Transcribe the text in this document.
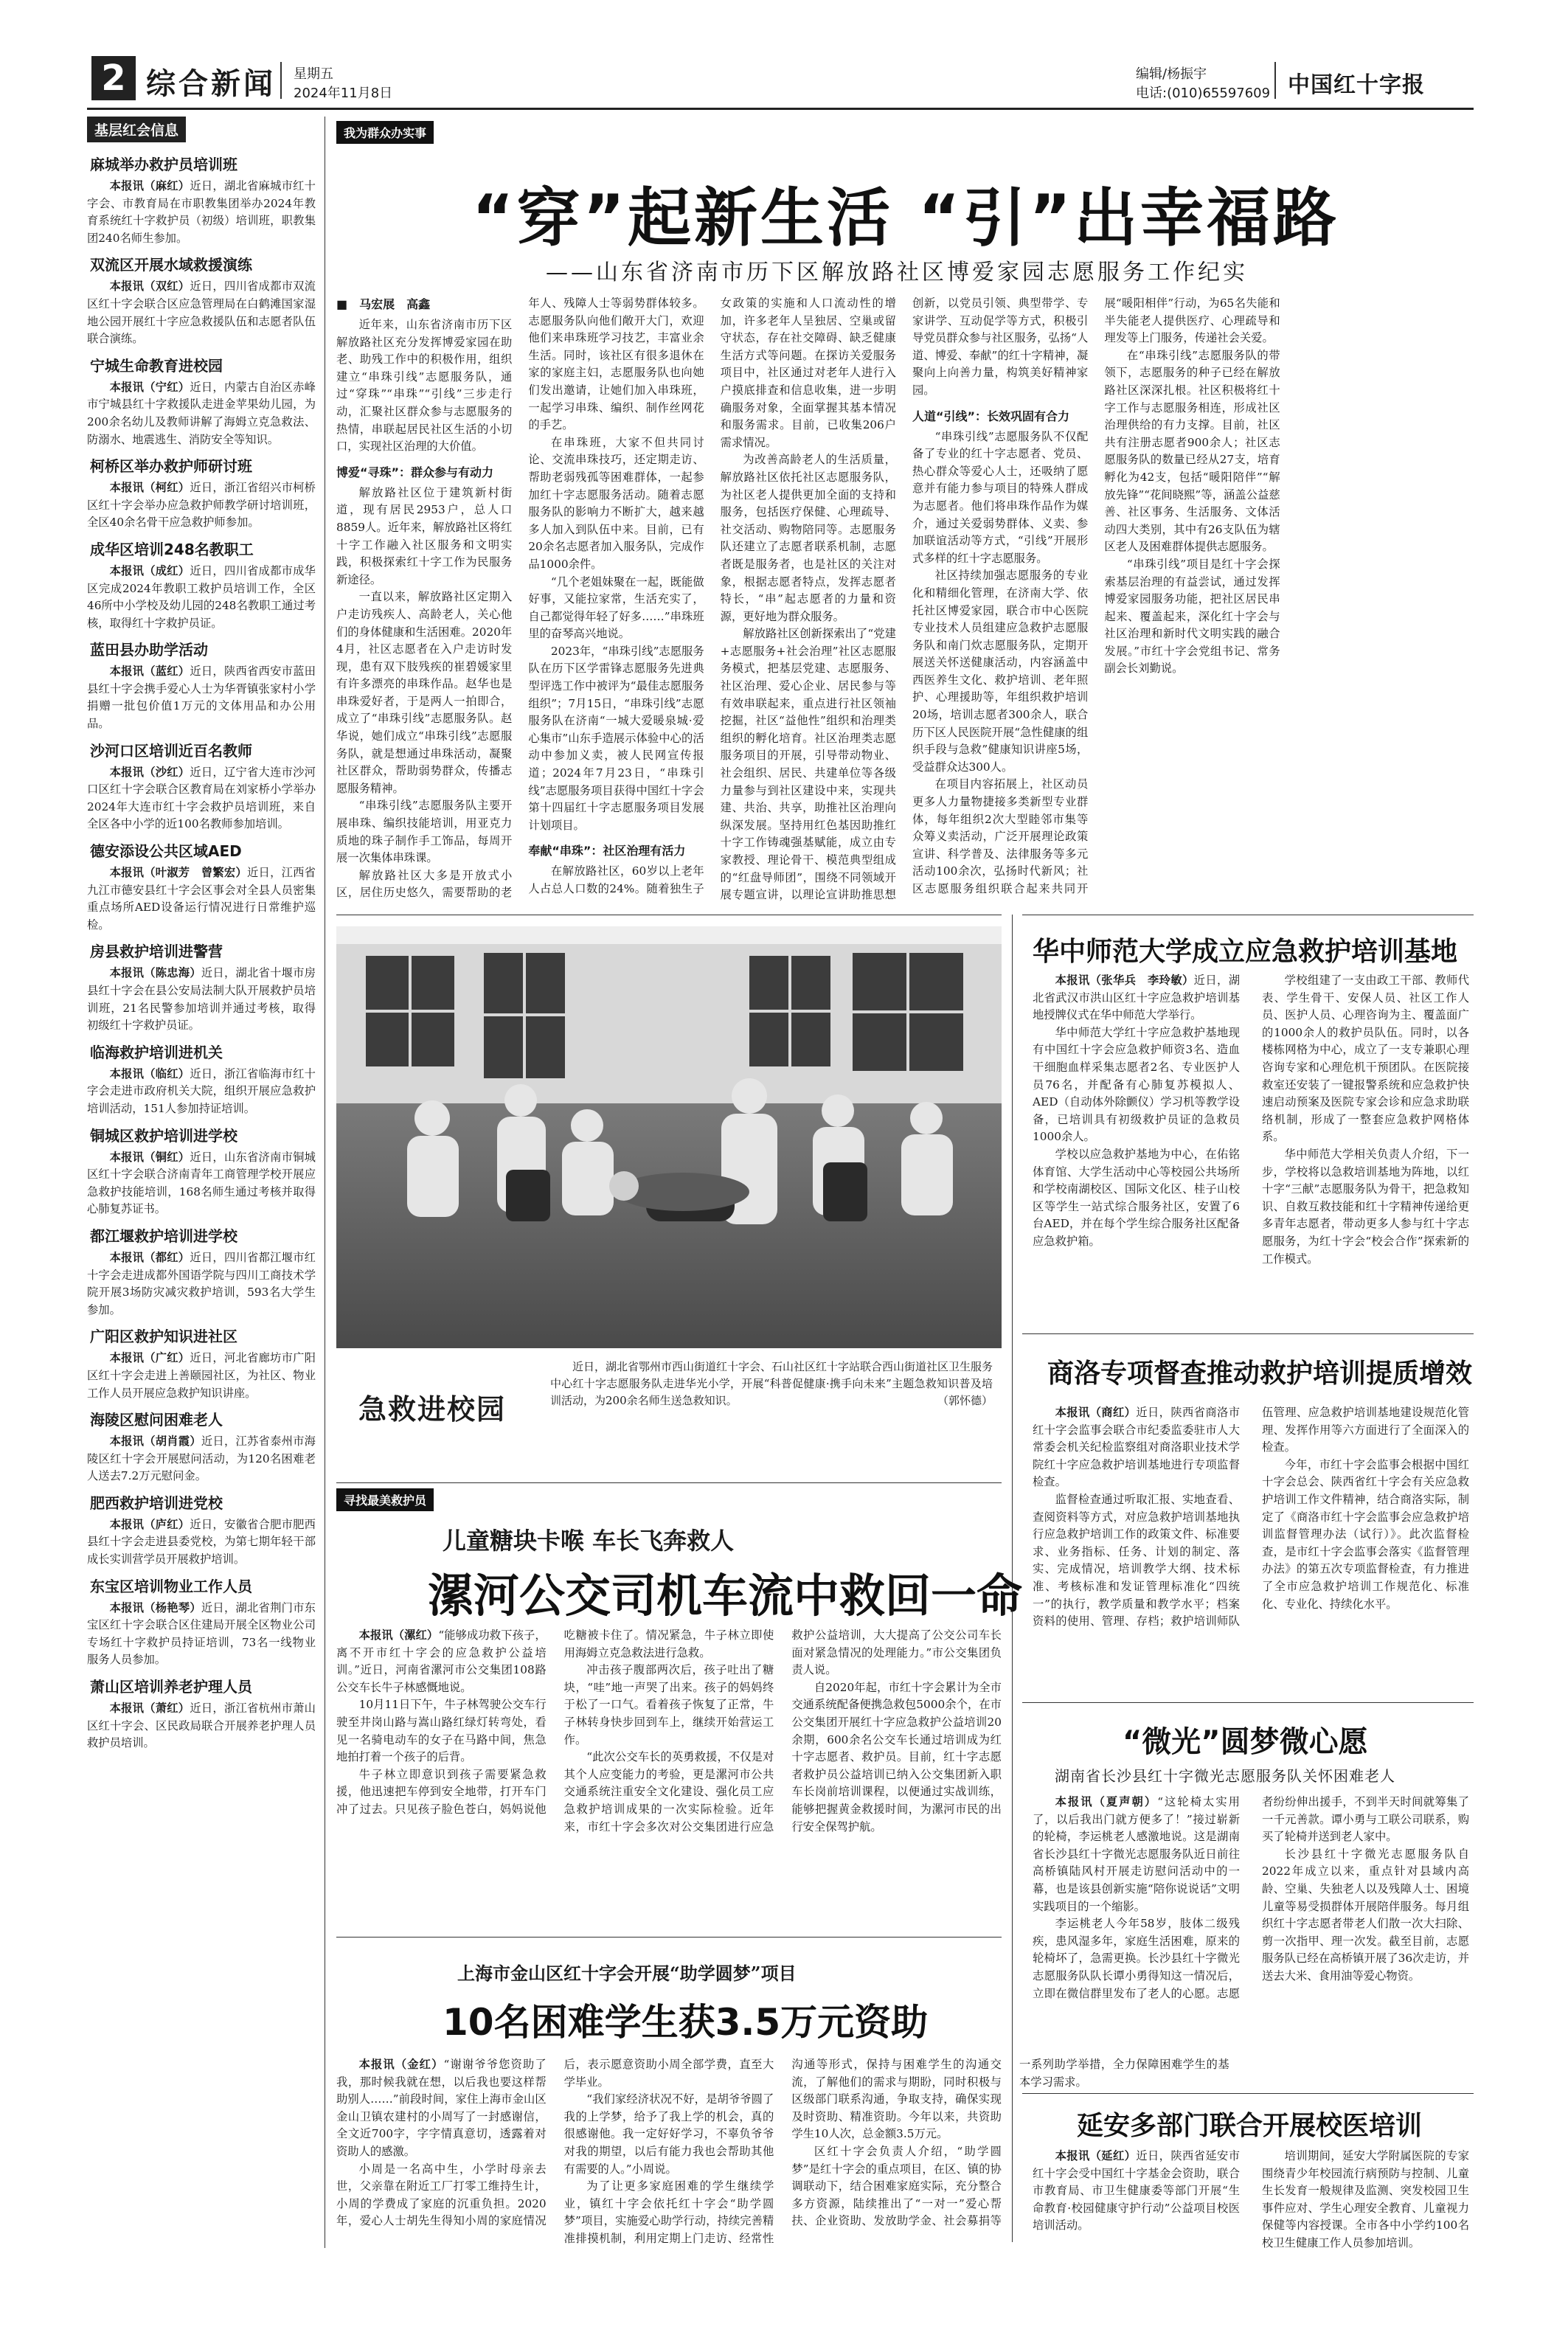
2 综合新闻 星期五
2024年11月8日
编辑/杨振宇
电话:(010)65597609 中国红十字报
基层红会信息
麻城举办救护员培训班

本报讯（麻红）近日，湖北省麻城市红十字会、市教育局在市职教集团举办2024年教育系统红十字救护员（初级）培训班，职教集团240名师生参加。

双流区开展水域救援演练

本报讯（双红）近日，四川省成都市双流区红十字会联合区应急管理局在白鹤滩国家湿地公园开展红十字应急救援队伍和志愿者队伍联合演练。

宁城生命教育进校园

本报讯（宁红）近日，内蒙古自治区赤峰市宁城县红十字救援队走进金苹果幼儿园，为200余名幼儿及教师讲解了海姆立克急救法、防溺水、地震逃生、消防安全等知识。

柯桥区举办救护师研讨班

本报讯（柯红）近日，浙江省绍兴市柯桥区红十字会举办应急救护师教学研讨培训班，全区40余名骨干应急救护师参加。

成华区培训248名教职工

本报讯（成红）近日，四川省成都市成华区完成2024年教职工救护员培训工作，全区46所中小学校及幼儿园的248名教职工通过考核，取得红十字救护员证。

蓝田县办助学活动

本报讯（蓝红）近日，陕西省西安市蓝田县红十字会携手爱心人士为华胥镇张家村小学捐赠一批包价值1万元的文体用品和办公用品。

沙河口区培训近百名教师

本报讯（沙红）近日，辽宁省大连市沙河口区红十字会联合区教育局在刘家桥小学举办2024年大连市红十字会救护员培训班，来自全区各中小学的近100名教师参加培训。

德安添设公共区域AED

本报讯（叶淑芳　曾繁宏）近日，江西省九江市德安县红十字会区事会对全县人员密集重点场所AED设备运行情况进行日常维护巡检。

房县救护培训进警营

本报讯（陈忠海）近日，湖北省十堰市房县红十字会在县公安局法制大队开展救护员培训班，21名民警参加培训并通过考核，取得初级红十字救护员证。

临海救护培训进机关

本报讯（临红）近日，浙江省临海市红十字会走进市政府机关大院，组织开展应急救护培训活动，151人参加持证培训。

铜城区救护培训进学校

本报讯（铜红）近日，山东省济南市铜城区红十字会联合济南青年工商管理学校开展应急救护技能培训，168名师生通过考核并取得心肺复苏证书。

都江堰救护培训进学校

本报讯（都红）近日，四川省都江堰市红十字会走进成都外国语学院与四川工商技术学院开展3场防灾减灾救护培训，593名大学生参加。

广阳区救护知识进社区

本报讯（广红）近日，河北省廊坊市广阳区红十字会走进上善颐园社区，为社区、物业工作人员开展应急救护知识讲座。

海陵区慰问困难老人

本报讯（胡肖霞）近日，江苏省泰州市海陵区红十字会开展慰问活动，为120名困难老人送去7.2万元慰问金。

肥西救护培训进党校

本报讯（庐红）近日，安徽省合肥市肥西县红十字会走进县委党校，为第七期年轻干部成长实训营学员开展救护培训。

东宝区培训物业工作人员

本报讯（杨艳琴）近日，湖北省荆门市东宝区红十字会联合区住建局开展全区物业公司专场红十字救护员持证培训，73名一线物业服务人员参加。

萧山区培训养老护理人员

本报讯（萧红）近日，浙江省杭州市萧山区红十字会、区民政局联合开展养老护理人员救护员培训。

我为群众办实事
“穿”起新生活 “引”出幸福路
——山东省济南市历下区解放路社区博爱家园志愿服务工作纪实
■　马宏展　高鑫

近年来，山东省济南市历下区解放路社区充分发挥博爱家园在助老、助残工作中的积极作用，组织建立“串珠引线”志愿服务队，通过“穿珠”“串珠”“引线”三步走行动，汇聚社区群众参与志愿服务的热情，串联起居民社区生活的小切口，实现社区治理的大价值。

博爱“寻珠”：群众参与有动力

解放路社区位于建筑新村街道，现有居民2953户，总人口8859人。近年来，解放路社区将红十字工作融入社区服务和文明实践，积极探索红十字工作为民服务新途径。

一直以来，解放路社区定期入户走访残疾人、高龄老人，关心他们的身体健康和生活困难。2020年4月，社区志愿者在入户走访时发现，患有双下肢残疾的崔碧媛家里有许多漂亮的串珠作品。赵华也是串珠爱好者，于是两人一拍即合，成立了“串珠引线”志愿服务队。赵华说，她们成立“串珠引线”志愿服务队，就是想通过串珠活动，凝聚社区群众，帮助弱势群众，传播志愿服务精神。

“串珠引线”志愿服务队主要开展串珠、编织技能培训，用亚克力质地的珠子制作手工饰品，每周开展一次集体串珠课。

解放路社区大多是开放式小区，居住历史悠久，需要帮助的老年人、残障人士等弱势群体较多。志愿服务队向他们敞开大门，欢迎他们来串珠班学习技艺，丰富业余生活。同时，该社区有很多退休在家的家庭主妇，志愿服务队也向她们发出邀请，让她们加入串珠班，一起学习串珠、编织、制作丝网花的手艺。

在串珠班，大家不但共同讨论、交流串珠技巧，还定期走访、帮助老弱残孤等困难群体，一起参加红十字志愿服务活动。随着志愿服务队的影响力不断扩大，越来越多人加入到队伍中来。目前，已有20余名志愿者加入服务队，完成作品1000余件。

“几个老姐妹聚在一起，既能做好事，又能拉家常，生活充实了，自己都觉得年轻了好多……”串珠班里的奋琴高兴地说。

2023年，“串珠引线”志愿服务队在历下区学雷锋志愿服务先进典型评选工作中被评为“最佳志愿服务组织”；7月15日，“串珠引线”志愿服务队在济南“一城大爱暖泉城·爱心集市”山东手造展示体验中心的活动中参加义卖，被人民网宣传报道；2024年7月23日，“串珠引线”志愿服务项目获得中国红十字会第十四届红十字志愿服务项目发展计划项目。

奉献“串珠”：社区治理有活力

在解放路社区，60岁以上老年人占总人口数的24%。随着独生子女政策的实施和人口流动性的增加，许多老年人呈独居、空巢或留守状态，存在社交障碍、缺乏健康生活方式等问题。在探访关爱服务项目中，社区通过对老年人进行入户摸底排查和信息收集，进一步明确服务对象，全面掌握其基本情况和服务需求。目前，已收集206户需求情况。

为改善高龄老人的生活质量，解放路社区依托社区志愿服务队，为社区老人提供更加全面的支持和服务，包括医疗保健、心理疏导、社交活动、购物陪同等。志愿服务队还建立了志愿者联系机制，志愿者既是服务者，也是社区的关注对象，根据志愿者特点，发挥志愿者特长，“串”起志愿者的力量和资源，更好地为群众服务。

解放路社区创新探索出了“党建+志愿服务+社会治理”社区志愿服务模式，把基层党建、志愿服务、社区治理、爱心企业、居民参与等有效串联起来，重点进行社区领袖挖掘，社区“益他性”组织和治理类组织的孵化培育。社区治理类志愿服务项目的开展，引导带动物业、社会组织、居民、共建单位等各级力量参与到社区建设中来，实现共建、共治、共享，助推社区治理向纵深发展。坚持用红色基因助推红十字工作铸魂强基赋能，成立由专家教授、理论骨干、模范典型组成的“红盘导师团”，围绕不同领域开展专题宣讲，以理论宣讲助推思想创新，以党员引领、典型带学、专家讲学、互动促学等方式，积极引导党员群众参与社区服务，弘扬“人道、博爱、奉献”的红十字精神，凝聚向上向善力量，构筑美好精神家园。

人道“引线”：长效巩固有合力

“串珠引线”志愿服务队不仅配备了专业的红十字志愿者、党员、热心群众等爱心人士，还吸纳了愿意并有能力参与项目的特殊人群成为志愿者。他们将串珠作品作为媒介，通过关爱弱势群体、义卖、参加联谊活动等方式，“引线”开展形式多样的红十字志愿服务。

社区持续加强志愿服务的专业化和精细化管理，在济南大学、依托社区博爱家园，联合市中心医院专业技术人员组建应急救护志愿服务队和南门炊志愿服务队，定期开展送关怀送健康活动，内容涵盖中西医养生文化、救护培训、老年照护、心理援助等，年组织救护培训20场，培训志愿者300余人，联合历下区人民医院开展“急性健康的组织手段与急救”健康知识讲座5场，受益群众达300人。

在项目内容拓展上，社区动员更多人力量物捷接多类新型专业群体，每年组织2次大型睦邻市集等众筹义卖活动，广泛开展理论政策宣讲、科学普及、法律服务等多元活动100余次，弘扬时代新风；社区志愿服务组织联合起来共同开展“暖阳相伴”行动，为65名失能和半失能老人提供医疗、心理疏导和理发等上门服务，传递社会关爱。

在“串珠引线”志愿服务队的带领下，志愿服务的种子已经在解放路社区深深扎根。社区积极将红十字工作与志愿服务相连，形成社区治理供给的有力支撑。目前，社区共有注册志愿者900余人；社区志愿服务队的数量已经从27支，培育孵化为42支，包括“暖阳陪伴”“解放先锋”“花间晓熙”等，涵盖公益慈善、社区事务、生活服务、文体活动四大类别，其中有26支队伍为辖区老人及困难群体提供志愿服务。

“串珠引线”项目是红十字会探索基层治理的有益尝试，通过发挥博爱家园服务功能，把社区居民串起来、覆盖起来，深化红十字会与社区治理和新时代文明实践的融合发展。”市红十字会党组书记、常务副会长刘勤说。

急救进校园
近日，湖北省鄂州市西山街道红十字会、石山社区红十字站联合西山街道社区卫生服务中心红十字志愿服务队走进华光小学，开展“科普促健康·携手向未来”主题急救知识普及培训活动，为200余名师生送急救知识。	（郭怀德）
华中师范大学成立应急救护培训基地

本报讯（张华兵　李玲敏）近日，湖北省武汉市洪山区红十字应急救护培训基地授牌仪式在华中师范大学举行。

华中师范大学红十字应急救护基地现有中国红十字会应急救护师资3名、造血干细胞血样采集志愿者2名、专业医护人员76名，并配备有心肺复苏模拟人、AED（自动体外除颤仪）学习机等教学设备，已培训具有初级救护员证的急救员1000余人。

学校以应急救护基地为中心，在佑铭体育馆、大学生活动中心等校园公共场所和学校南湖校区、国际文化区、桂子山校区等学生一站式综合服务社区，安置了6台AED，并在每个学生综合服务社区配备应急救护箱。

学校组建了一支由政工干部、教师代表、学生骨干、安保人员、社区工作人员、医护人员、心理咨询为主、覆盖面广的1000余人的救护员队伍。同时，以各楼栋网格为中心，成立了一支专兼职心理咨询专家和心理危机干预团队。在医院接救室还安装了一键报警系统和应急救护快速启动预案及医院专家会诊和应急求助联络机制，形成了一整套应急救护网格体系。

华中师范大学相关负责人介绍，下一步，学校将以急救培训基地为阵地，以红十字“三献”志愿服务队为骨干，把急救知识、自救互救技能和红十字精神传递给更多青年志愿者，带动更多人参与红十字志愿服务，为红十字会“校会合作”探索新的工作模式。

商洛专项督查推动救护培训提质增效

本报讯（商红）近日，陕西省商洛市红十字会监事会联合市纪委监委驻市人大常委会机关纪检监察组对商洛职业技术学院红十字应急救护培训基地进行专项监督检查。

监督检查通过听取汇报、实地查看、查阅资料等方式，对应急救护培训基地执行应急救护培训工作的政策文件、标准要求、业务指标、任务、计划的制定、落实、完成情况，培训教学大纲、技术标准、考核标准和发证管理标准化“四统一”的执行，教学质量和教学水平；档案资料的使用、管理、存档；救护培训师队伍管理、应急救护培训基地建设规范化管理、发挥作用等六方面进行了全面深入的检查。

今年，市红十字会监事会根据中国红十字会总会、陕西省红十字会有关应急救护培训工作文件精神，结合商洛实际，制定了《商洛市红十字会监事会应急救护培训监督管理办法（试行）》。此次监督检查，是市红十字会监事会落实《监督管理办法》的第五次专项监督检查，有力推进了全市应急救护培训工作规范化、标准化、专业化、持续化水平。

寻找最美救护员
儿童糖块卡喉 车长飞奔救人
漯河公交司机车流中救回一命

本报讯（漯红）“能够成功救下孩子，离不开市红十字会的应急救护公益培训。”近日，河南省漯河市公交集团108路公交车长牛子林感慨地说。

10月11日下午，牛子林驾驶公交车行驶至井岗山路与嵩山路红绿灯转弯处，看见一名骑电动车的女子在马路中间，焦急地拍打着一个孩子的后背。

牛子林立即意识到孩子需要紧急救援，他迅速把车停到安全地带，打开车门冲了过去。只见孩子脸色苍白，妈妈说他吃糖被卡住了。情况紧急，牛子林立即使用海姆立克急救法进行急救。

冲击孩子腹部两次后，孩子吐出了糖块，“哇”地一声哭了出来。孩子的妈妈终于松了一口气。看着孩子恢复了正常，牛子林转身快步回到车上，继续开始营运工作。

“此次公交车长的英勇救援，不仅是对其个人应变能力的考验，更是漯河市公共交通系统注重安全文化建设、强化员工应急救护培训成果的一次实际检验。近年来，市红十字会多次对公交集团进行应急救护公益培训，大大提高了公交公司车长面对紧急情况的处理能力。”市公交集团负责人说。

自2020年起，市红十字会累计为全市交通系统配备便携急救包5000余个，在市公交集团开展红十字应急救护公益培训20余期，600余名公交车长通过培训成为红十字志愿者、救护员。目前，红十字志愿者救护员公益培训已纳入公交集团新入职车长岗前培训课程，以便通过实战训练，能够把握黄金救援时间，为漯河市民的出行安全保驾护航。

上海市金山区红十字会开展“助学圆梦”项目
10名困难学生获3.5万元资助

本报讯（金红）“谢谢爷爷您资助了我，那时候我就在想，以后我也要这样帮助别人……”前段时间，家住上海市金山区金山卫镇农建村的小周写了一封感谢信，全文近700字，字字情真意切，透露着对资助人的感激。

小周是一名高中生，小学时母亲去世，父亲靠在附近工厂打零工维持生计，小周的学费成了家庭的沉重负担。2020年，爱心人士胡先生得知小周的家庭情况后，表示愿意资助小周全部学费，直至大学毕业。

“我们家经济状况不好，是胡爷爷圆了我的上学梦，给予了我上学的机会，真的很感谢他。我一定好好学习，不辜负爷爷对我的期望，以后有能力我也会帮助其他有需要的人。”小周说。

为了让更多家庭困难的学生继续学业，镇红十字会依托红十字会“助学圆梦”项目，实施爱心助学行动，持续完善精准排摸机制，利用定期上门走访、经常性沟通等形式，保持与困难学生的沟通交流，了解他们的需求与期盼，同时积极与区级部门联系沟通，争取支持，确保实现及时资助、精准资助。今年以来，共资助学生10人次，总金额3.5万元。

区红十字会负责人介绍，“助学圆梦”是红十字会的重点项目，在区、镇的协调联动下，结合困难家庭实际，充分整合多方资源，陆续推出了“一对一”爱心帮扶、企业资助、发放助学金、社会募捐等一系列助学举措，全力保障困难学生的基本学习需求。

“微光”圆梦微心愿
湖南省长沙县红十字微光志愿服务队关怀困难老人

本报讯（夏声朝）“这轮椅太实用了，以后我出门就方便多了！”接过崭新的轮椅，李运桃老人感激地说。这是湖南省长沙县红十字微光志愿服务队近日前往高桥镇陆风村开展走访慰问活动中的一幕，也是该县创新实施“陪你说说话”文明实践项目的一个缩影。

李运桃老人今年58岁，肢体二级残疾，患风湿多年，家庭生活困难，原来的轮椅坏了，急需更换。长沙县红十字微光志愿服务队队长谭小勇得知这一情况后，立即在微信群里发布了老人的心愿。志愿者纷纷伸出援手，不到半天时间就筹集了一千元善款。谭小勇与工联公司联系，购买了轮椅并送到老人家中。

长沙县红十字微光志愿服务队自2022年成立以来，重点针对县域内高龄、空巢、失独老人以及残障人士、困境儿童等易受损群体开展陪伴服务。每月组织红十字志愿者带老人们散一次大扫除、剪一次指甲、理一次发。截至目前，志愿服务队已经在高桥镇开展了36次走访，并送去大米、食用油等爱心物资。

延安多部门联合开展校医培训

本报讯（延红）近日，陕西省延安市红十字会受中国红十字基金会资助，联合市教育局、市卫生健康委等部门开展“生命教育·校园健康守护行动”公益项目校医培训活动。

培训期间，延安大学附属医院的专家围绕青少年校园流行病预防与控制、儿童生长发育一般规律及监测、突发校园卫生事件应对、学生心理安全教育、儿童视力保健等内容授课。全市各中小学约100名校卫生健康工作人员参加培训。
